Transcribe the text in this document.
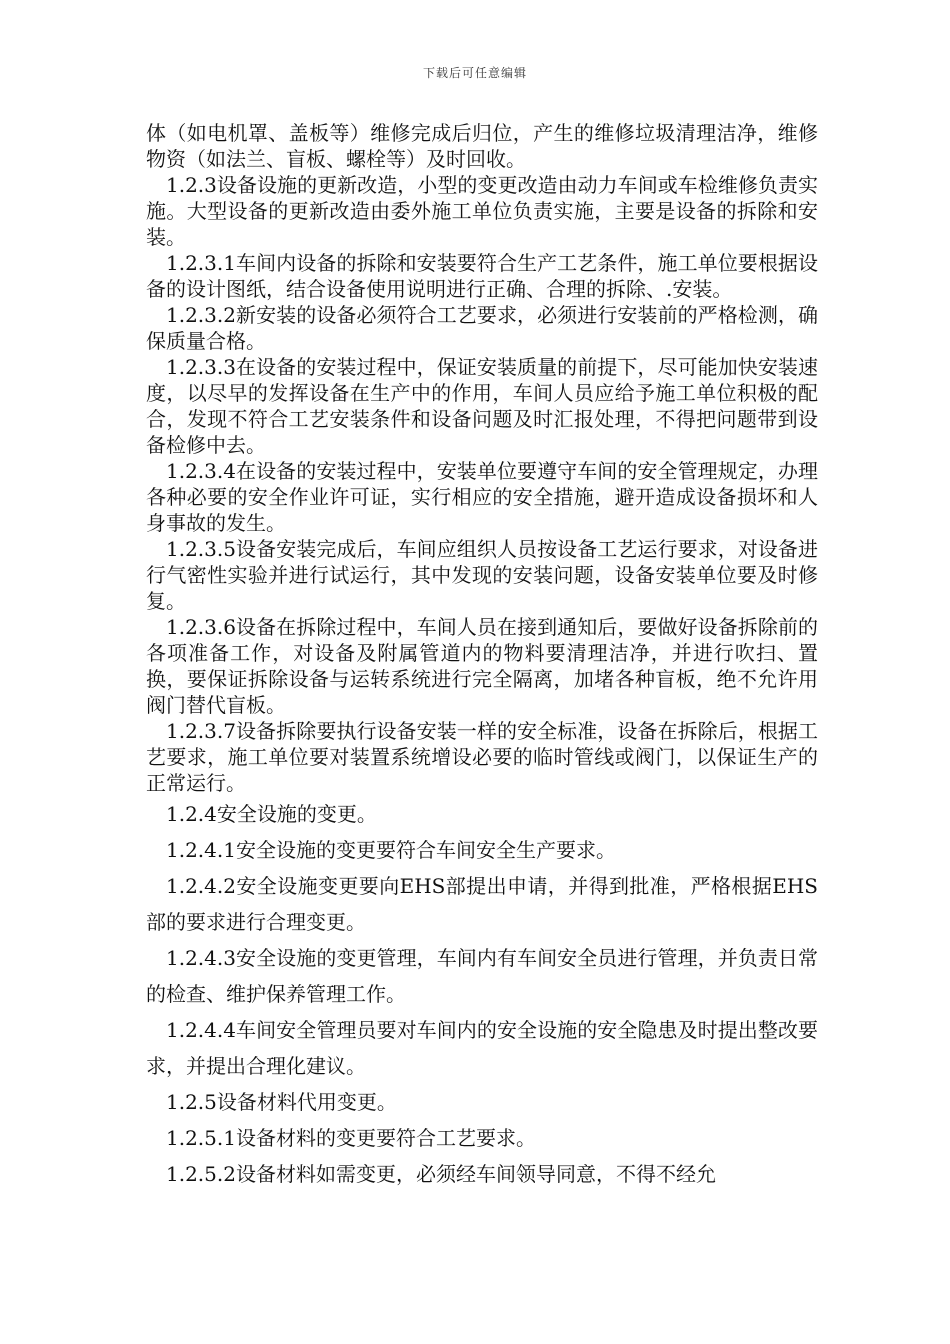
下载后可任意编辑

体（如电机罩、盖板等）维修完成后归位，产生的维修垃圾清理洁净，维修物资（如法兰、盲板、螺栓等）及时回收。

1.2.3设备设施的更新改造，小型的变更改造由动力车间或车检维修负责实施。大型设备的更新改造由委外施工单位负责实施，主要是设备的拆除和安装。

1.2.3.1车间内设备的拆除和安装要符合生产工艺条件，施工单位要根据设备的设计图纸，结合设备使用说明进行正确、合理的拆除、.安装。

1.2.3.2新安装的设备必须符合工艺要求，必须进行安装前的严格检测，确保质量合格。

1.2.3.3在设备的安装过程中，保证安装质量的前提下，尽可能加快安装速度，以尽早的发挥设备在生产中的作用，车间人员应给予施工单位积极的配合，发现不符合工艺安装条件和设备问题及时汇报处理，不得把问题带到设备检修中去。

1.2.3.4在设备的安装过程中，安装单位要遵守车间的安全管理规定，办理各种必要的安全作业许可证，实行相应的安全措施，避开造成设备损坏和人身事故的发生。

1.2.3.5设备安装完成后，车间应组织人员按设备工艺运行要求，对设备进行气密性实验并进行试运行，其中发现的安装问题，设备安装单位要及时修复。

1.2.3.6设备在拆除过程中，车间人员在接到通知后，要做好设备拆除前的各项准备工作，对设备及附属管道内的物料要清理洁净，并进行吹扫、置换，要保证拆除设备与运转系统进行完全隔离，加堵各种盲板，绝不允许用阀门替代盲板。

1.2.3.7设备拆除要执行设备安装一样的安全标准，设备在拆除后，根据工艺要求，施工单位要对装置系统增设必要的临时管线或阀门，以保证生产的正常运行。

1.2.4安全设施的变更。

1.2.4.1安全设施的变更要符合车间安全生产要求。

1.2.4.2安全设施变更要向EHS部提出申请，并得到批准，严格根据EHS部的要求进行合理变更。

1.2.4.3安全设施的变更管理，车间内有车间安全员进行管理，并负责日常的检查、维护保养管理工作。

1.2.4.4车间安全管理员要对车间内的安全设施的安全隐患及时提出整改要求，并提出合理化建议。

1.2.5设备材料代用变更。

1.2.5.1设备材料的变更要符合工艺要求。

1.2.5.2设备材料如需变更，必须经车间领导同意，不得不经允
